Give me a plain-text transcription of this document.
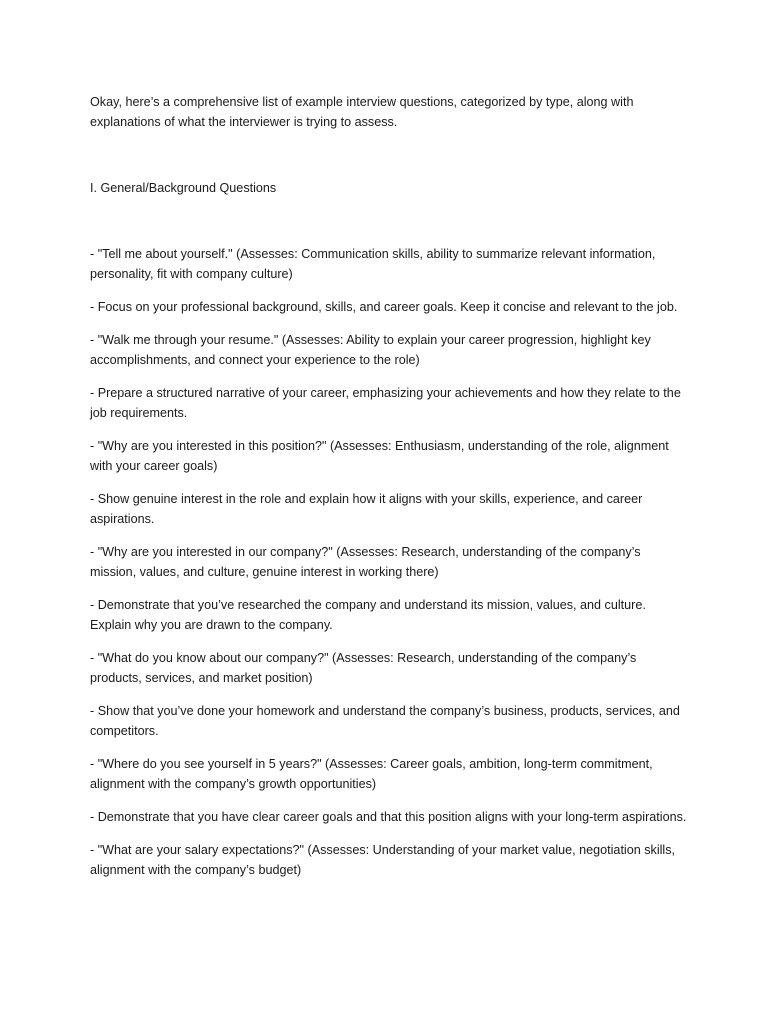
Okay, here’s a comprehensive list of example interview questions, categorized by type, along with explanations of what the interviewer is trying to assess.

I. General/Background Questions

- "Tell me about yourself." (Assesses: Communication skills, ability to summarize relevant information, personality, fit with company culture)

- Focus on your professional background, skills, and career goals. Keep it concise and relevant to the job.

- "Walk me through your resume." (Assesses: Ability to explain your career progression, highlight key accomplishments, and connect your experience to the role)

- Prepare a structured narrative of your career, emphasizing your achievements and how they relate to the job requirements.

- "Why are you interested in this position?" (Assesses: Enthusiasm, understanding of the role, alignment with your career goals)

- Show genuine interest in the role and explain how it aligns with your skills, experience, and career aspirations.

- "Why are you interested in our company?" (Assesses: Research, understanding of the company’s mission, values, and culture, genuine interest in working there)

- Demonstrate that you’ve researched the company and understand its mission, values, and culture. Explain why you are drawn to the company.

- "What do you know about our company?" (Assesses: Research, understanding of the company’s products, services, and market position)

- Show that you’ve done your homework and understand the company’s business, products, services, and competitors.

- "Where do you see yourself in 5 years?" (Assesses: Career goals, ambition, long-term commitment, alignment with the company’s growth opportunities)

- Demonstrate that you have clear career goals and that this position aligns with your long-term aspirations.

- "What are your salary expectations?" (Assesses: Understanding of your market value, negotiation skills, alignment with the company’s budget)
